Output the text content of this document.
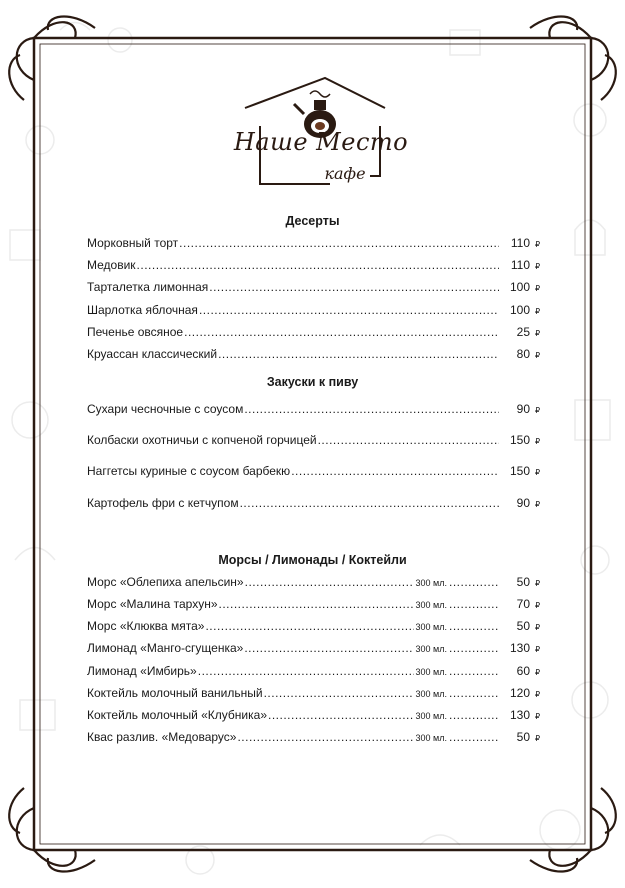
Наше Место
кафе
Десерты
Морковный торт .....	110 ₽
Медовик .....	110 ₽
Тарталетка лимонная .....	100 ₽
Шарлотка яблочная .....	100 ₽
Печенье овсяное .....	25 ₽
Круассан классический .....	80 ₽
Закуски к пиву
Сухари чесночные с соусом .....	90 ₽
Колбаски охотничьи с копченой горчицей .....	150 ₽
Наггетсы куриные с соусом барбекю .....	150 ₽
Картофель фри с кетчупом .....	90 ₽
Морсы / Лимонады / Коктейли
Морс «Облепиха апельсин» .....	300 мл. .....	50 ₽
Морс «Малина тархун» .....	300 мл. .....	70 ₽
Морс «Клюква мята» .....	300 мл. .....	50 ₽
Лимонад «Манго-сгущенка» .....	300 мл. .....	130 ₽
Лимонад «Имбирь» .....	300 мл. .....	60 ₽
Коктейль молочный ванильный .....	300 мл. .....	120 ₽
Коктейль молочный «Клубника» .....	300 мл. .....	130 ₽
Квас разлив. «Медоварус» .....	300 мл. .....	50 ₽
